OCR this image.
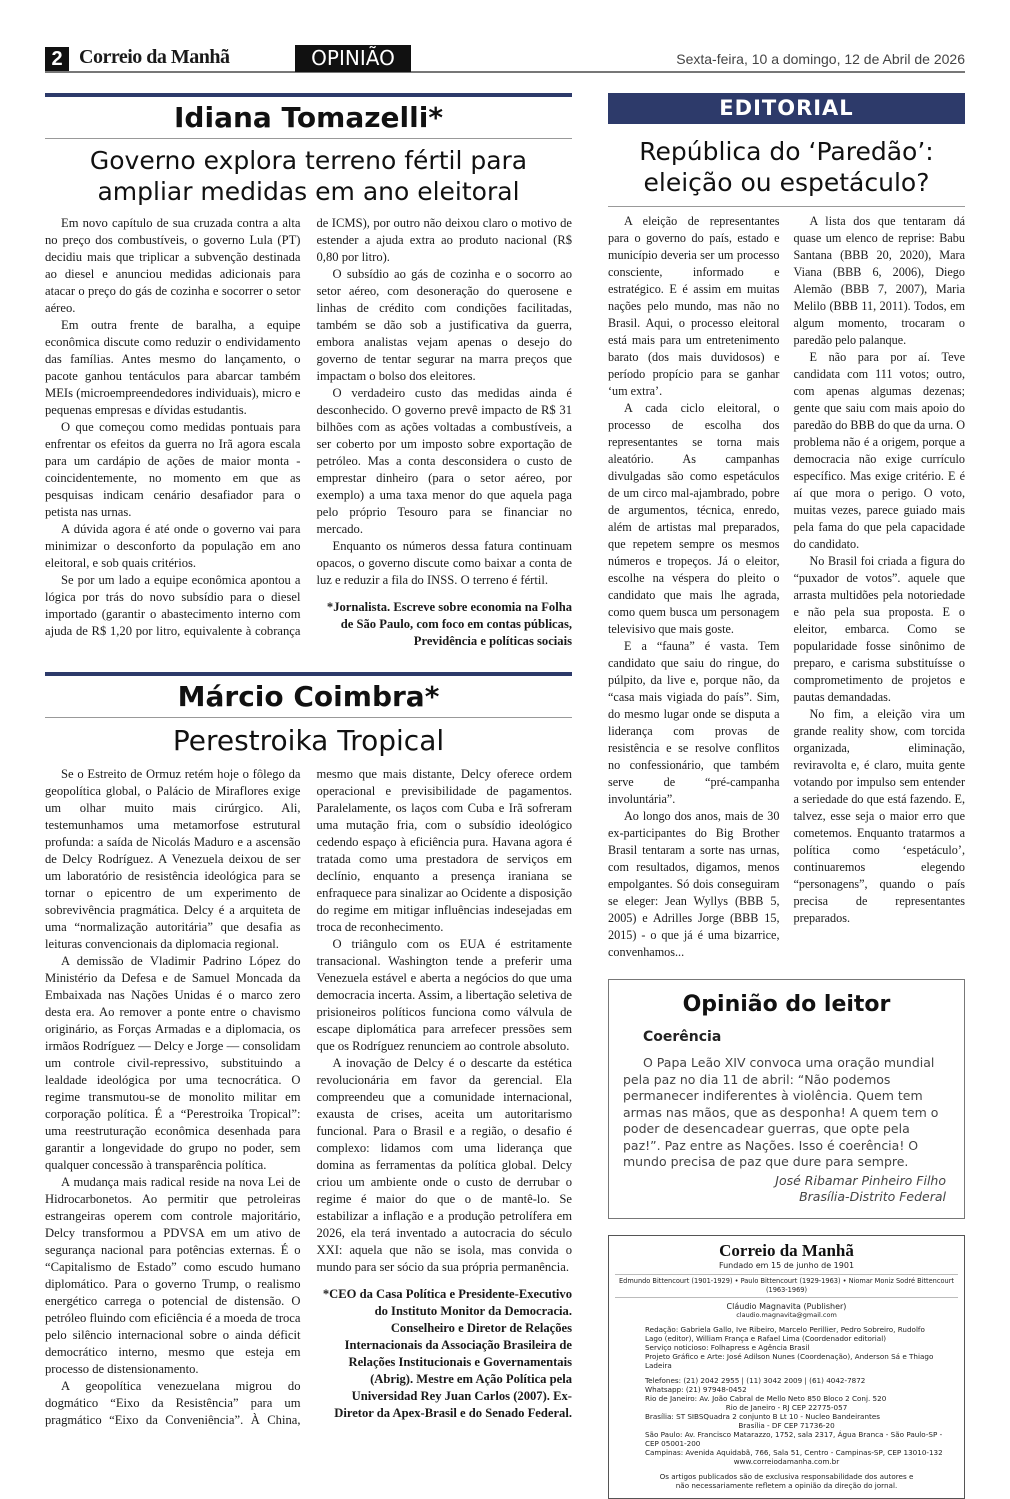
2 Correio da Manhã	OPINIÃO	Sexta-feira, 10 a domingo, 12 de Abril de 2026
Idiana Tomazelli*
Governo explora terreno fértil para ampliar medidas em ano eleitoral

Em novo capítulo de sua cruzada contra a alta no preço dos combustíveis, o governo Lula (PT) decidiu mais que triplicar a subvenção destinada ao diesel e anunciou medidas adicionais para atacar o preço do gás de cozinha e socorrer o setor aéreo.

Em outra frente de baralha, a equipe econômica discute como reduzir o endividamento das famílias. Antes mesmo do lançamento, o pacote ganhou tentáculos para abarcar também MEIs (microempreendedores individuais), micro e pequenas empresas e dívidas estudantis.

O que começou como medidas pontuais para enfrentar os efeitos da guerra no Irã agora escala para um cardápio de ações de maior monta -coincidentemente, no momento em que as pesquisas indicam cenário desafiador para o petista nas urnas.

A dúvida agora é até onde o governo vai para minimizar o desconforto da população em ano eleitoral, e sob quais critérios.

Se por um lado a equipe econômica apontou a lógica por trás do novo subsídio para o diesel importado (garantir o abastecimento interno com ajuda de R$ 1,20 por litro, equivalente à cobrança de ICMS), por outro não deixou claro o motivo de estender a ajuda extra ao produto nacional (R$ 0,80 por litro).

O subsídio ao gás de cozinha e o socorro ao setor aéreo, com desoneração do querosene e linhas de crédito com condições facilitadas, também se dão sob a justificativa da guerra, embora analistas vejam apenas o desejo do governo de tentar segurar na marra preços que impactam o bolso dos eleitores.

O verdadeiro custo das medidas ainda é desconhecido. O governo prevê impacto de R$ 31 bilhões com as ações voltadas a combustíveis, a ser coberto por um imposto sobre exportação de petróleo. Mas a conta desconsidera o custo de emprestar dinheiro (para o setor aéreo, por exemplo) a uma taxa menor do que aquela paga pelo próprio Tesouro para se financiar no mercado.

Enquanto os números dessa fatura continuam opacos, o governo discute como baixar a conta de luz e reduzir a fila do INSS. O terreno é fértil.

*Jornalista. Escreve sobre economia na Folha de São Paulo, com foco em contas públicas, Previdência e políticas sociais

Márcio Coimbra*
Perestroika Tropical

Se o Estreito de Ormuz retém hoje o fôlego da geopolítica global, o Palácio de Miraflores exige um olhar muito mais cirúrgico. Ali, testemunhamos uma metamorfose estrutural profunda: a saída de Nicolás Maduro e a ascensão de Delcy Rodríguez. A Venezuela deixou de ser um laboratório de resistência ideológica para se tornar o epicentro de um experimento de sobrevivência pragmática. Delcy é a arquiteta de uma “normalização autoritária” que desafia as leituras convencionais da diplomacia regional.

A demissão de Vladimir Padrino López do Ministério da Defesa e de Samuel Moncada da Embaixada nas Nações Unidas é o marco zero desta era. Ao remover a ponte entre o chavismo originário, as Forças Armadas e a diplomacia, os irmãos Rodríguez — Delcy e Jorge — consolidam um controle civil-repressivo, substituindo a lealdade ideológica por uma tecnocrática. O regime transmutou-se de monolito militar em corporação política. É a “Perestroika Tropical”: uma reestruturação econômica desenhada para garantir a longevidade do grupo no poder, sem qualquer concessão à transparência política.

A mudança mais radical reside na nova Lei de Hidrocarbonetos. Ao permitir que petroleiras estrangeiras operem com controle majoritário, Delcy transformou a PDVSA em um ativo de segurança nacional para potências externas. É o “Capitalismo de Estado” como escudo humano diplomático. Para o governo Trump, o realismo energético carrega o potencial de distensão. O petróleo fluindo com eficiência é a moeda de troca pelo silêncio internacional sobre o ainda déficit democrático interno, mesmo que esteja em processo de distensionamento.

A geopolítica venezuelana migrou do dogmático “Eixo da Resistência” para um pragmático “Eixo da Conveniência”. À China, mesmo que mais distante, Delcy oferece ordem operacional e previsibilidade de pagamentos. Paralelamente, os laços com Cuba e Irã sofreram uma mutação fria, com o subsídio ideológico cedendo espaço à eficiência pura. Havana agora é tratada como uma prestadora de serviços em declínio, enquanto a presença iraniana se enfraquece para sinalizar ao Ocidente a disposição do regime em mitigar influências indesejadas em troca de reconhecimento.

O triângulo com os EUA é estritamente transacional. Washington tende a preferir uma Venezuela estável e aberta a negócios do que uma democracia incerta. Assim, a libertação seletiva de prisioneiros políticos funciona como válvula de escape diplomática para arrefecer pressões sem que os Rodríguez renunciem ao controle absoluto.

A inovação de Delcy é o descarte da estética revolucionária em favor da gerencial. Ela compreendeu que a comunidade internacional, exausta de crises, aceita um autoritarismo funcional. Para o Brasil e a região, o desafio é complexo: lidamos com uma liderança que domina as ferramentas da política global. Delcy criou um ambiente onde o custo de derrubar o regime é maior do que o de mantê-lo. Se estabilizar a inflação e a produção petrolífera em 2026, ela terá inventado a autocracia do século XXI: aquela que não se isola, mas convida o mundo para ser sócio da sua própria permanência.

*CEO da Casa Política e Presidente-Executivo do Instituto Monitor da Democracia. Conselheiro e Diretor de Relações Internacionais da Associação Brasileira de Relações Institucionais e Governamentais (Abrig). Mestre em Ação Política pela Universidad Rey Juan Carlos (2007). Ex-Diretor da Apex-Brasil e do Senado Federal.

EDITORIAL
República do ‘Paredão’: eleição ou espetáculo?

A eleição de representantes para o governo do país, estado e município deveria ser um processo consciente, informado e estratégico. E é assim em muitas nações pelo mundo, mas não no Brasil. Aqui, o processo eleitoral está mais para um entretenimento barato (dos mais duvidosos) e período propício para se ganhar ‘um extra’.

A cada ciclo eleitoral, o processo de escolha dos representantes se torna mais aleatório. As campanhas divulgadas são como espetáculos de um circo mal-ajambrado, pobre de argumentos, técnica, enredo, além de artistas mal preparados, que repetem sempre os mesmos números e tropeços. Já o eleitor, escolhe na véspera do pleito o candidato que mais lhe agrada, como quem busca um personagem televisivo que mais goste.

E a “fauna” é vasta. Tem candidato que saiu do ringue, do púlpito, da live e, porque não, da “casa mais vigiada do país”. Sim, do mesmo lugar onde se disputa a liderança com provas de resistência e se resolve conflitos no confessionário, que também serve de “pré-campanha involuntária”.

Ao longo dos anos, mais de 30 ex-participantes do Big Brother Brasil tentaram a sorte nas urnas, com resultados, digamos, menos empolgantes. Só dois conseguiram se eleger: Jean Wyllys (BBB 5, 2005) e Adrilles Jorge (BBB 15, 2015) - o que já é uma bizarrice, convenhamos...

A lista dos que tentaram dá quase um elenco de reprise: Babu Santana (BBB 20, 2020), Mara Viana (BBB 6, 2006), Diego Alemão (BBB 7, 2007), Maria Melilo (BBB 11, 2011). Todos, em algum momento, trocaram o paredão pelo palanque.

E não para por aí. Teve candidata com 111 votos; outro, com apenas algumas dezenas; gente que saiu com mais apoio do paredão do BBB do que da urna. O problema não é a origem, porque a democracia não exige currículo específico. Mas exige critério. E é aí que mora o perigo. O voto, muitas vezes, parece guiado mais pela fama do que pela capacidade do candidato.

No Brasil foi criada a figura do “puxador de votos”. aquele que arrasta multidões pela notoriedade e não pela sua proposta. E o eleitor, embarca. Como se popularidade fosse sinônimo de preparo, e carisma substituísse o comprometimento de projetos e pautas demandadas.

No fim, a eleição vira um grande reality show, com torcida organizada, eliminação, reviravolta e, é claro, muita gente votando por impulso sem entender a seriedade do que está fazendo. E, talvez, esse seja o maior erro que cometemos. Enquanto tratarmos a política como ‘espetáculo’, continuaremos elegendo “personagens”, quando o país precisa de representantes preparados.

Opinião do leitor
Coerência
O Papa Leão XIV convoca uma oração mundial pela paz no dia 11 de abril: “Não podemos permanecer indiferentes à violência. Quem tem armas nas mãos, que as desponha! A quem tem o poder de desencadear guerras, que opte pela paz!”. Paz entre as Nações. Isso é coerência! O mundo precisa de paz que dure para sempre.
José Ribamar Pinheiro Filho
Brasília-Distrito Federal
Correio da Manhã
Fundado em 15 de junho de 1901
Edmundo Bittencourt (1901-1929) • Paulo Bittencourt (1929-1963) • Niomar Moniz Sodré Bittencourt (1963-1969)
Cláudio Magnavita (Publisher)
claudio.magnavita@gmail.com
Redação: Gabriela Gallo, Ive Ribeiro, Marcelo Perillier, Pedro Sobreiro, Rudolfo Lago (editor), William França e Rafael Lima (Coordenador editorial)
Serviço noticioso: Folhapress e Agência Brasil
Projeto Gráfico e Arte: José Adilson Nunes (Coordenação), Anderson Sá e Thiago Ladeira
Telefones: (21) 2042 2955 | (11) 3042 2009 | (61) 4042-7872
Whatsapp: (21) 97948-0452
Rio de Janeiro: Av. João Cabral de Mello Neto 850 Bloco 2 Conj. 520
Rio de Janeiro - RJ CEP 22775-057
Brasília: ST SIBSQuadra 2 conjunto B Lt 10 - Nucleo Bandeirantes
Brasília - DF CEP 71736-20
São Paulo: Av. Francisco Matarazzo, 1752, sala 2317, Água Branca - São Paulo-SP - CEP 05001-200
Campinas: Avenida Aquidabã, 766, Sala 51, Centro - Campinas-SP, CEP 13010-132
www.correiodamanha.com.br
Os artigos publicados são de exclusiva responsabilidade dos autores e não necessariamente refletem a opinião da direção do jornal.
